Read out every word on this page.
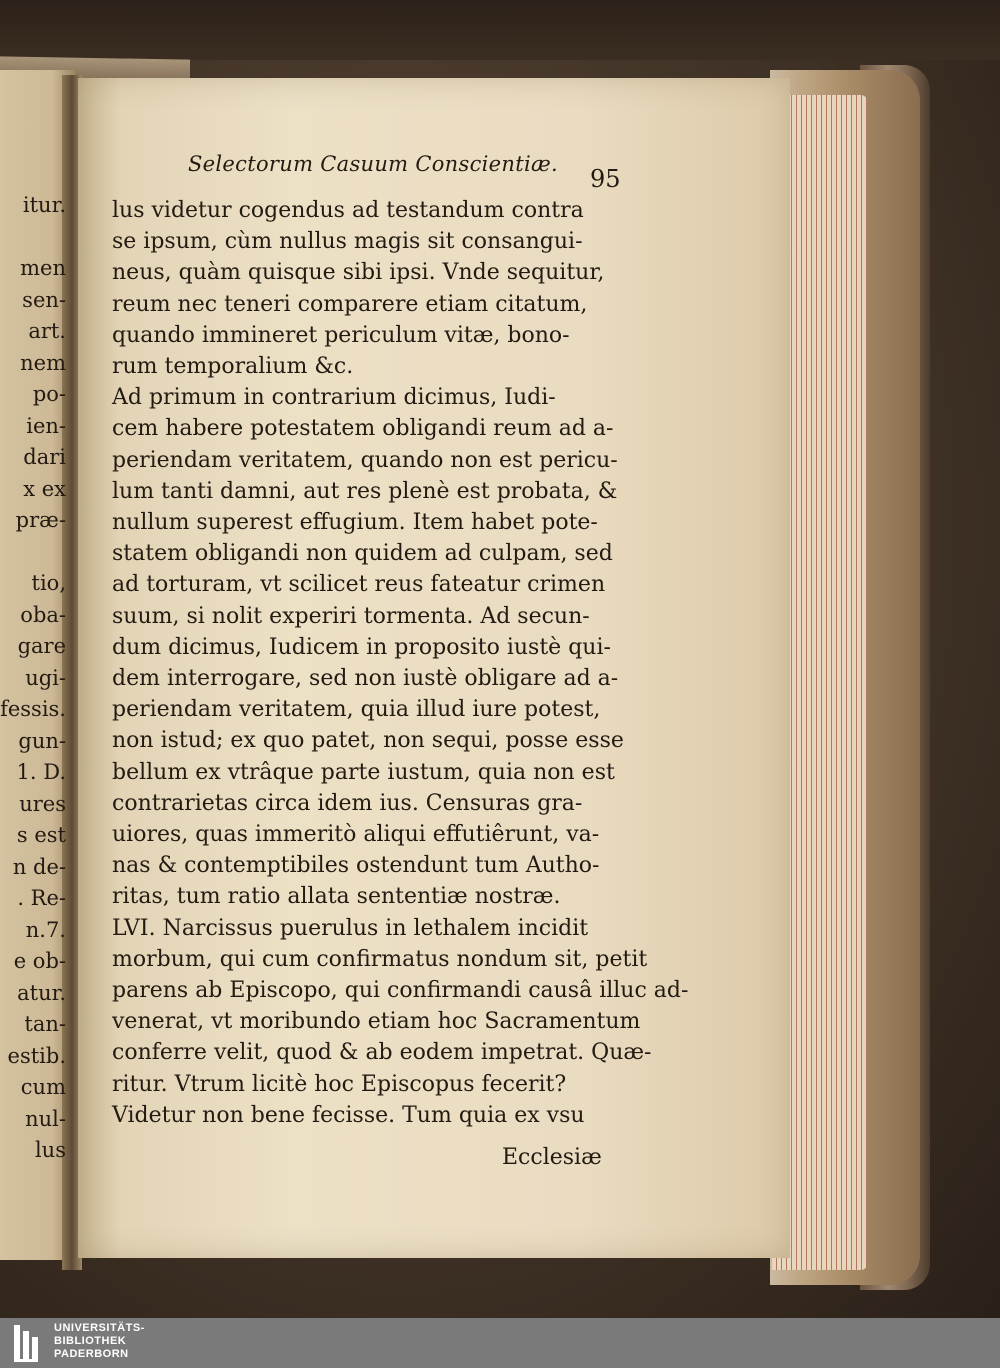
itur.

men
sen-
art.
nem
po-
ien-
dari
x ex
præ-

tio,
oba-
gare
ugi-
fessis.
gun-
1. D.
ures
s est
n de-
. Re-
n.7.
e ob-
atur.
tan-
estib.
cum
nul-
lus
Selectorum Casuum Conscientiæ.
95
lus videtur cogendus ad testandum contra
se ipsum, cùm nullus magis sit consangui-
neus, quàm quisque sibi ipsi. Vnde sequitur,
reum nec teneri comparere etiam citatum,
quando immineret periculum vitæ, bono-
rum temporalium &c.
Ad primum in contrarium dicimus, Iudi-
cem habere potestatem obligandi reum ad a-
periendam veritatem, quando non est pericu-
lum tanti damni, aut res plenè est probata, &
nullum superest effugium. Item habet pote-
statem obligandi non quidem ad culpam, sed
ad torturam, vt scilicet reus fateatur crimen
suum, si nolit experiri tormenta. Ad secun-
dum dicimus, Iudicem in proposito iustè qui-
dem interrogare, sed non iustè obligare ad a-
periendam veritatem, quia illud iure potest,
non istud; ex quo patet, non sequi, posse esse
bellum ex vtrâque parte iustum, quia non est
contrarietas circa idem ius. Censuras gra-
uiores, quas immeritò aliqui effutiêrunt, va-
nas & contemptibiles ostendunt tum Autho-
ritas, tum ratio allata sententiæ nostræ.
LVI. Narcissus puerulus in lethalem incidit
morbum, qui cum confirmatus nondum sit, petit
parens ab Episcopo, qui confirmandi causâ illuc ad-
venerat, vt moribundo etiam hoc Sacramentum
conferre velit, quod & ab eodem impetrat. Quæ-
ritur. Vtrum licitè hoc Episcopus fecerit?
Videtur non bene fecisse. Tum quia ex vsu
Ecclesiæ
UNIVERSITÄTS-
BIBLIOTHEK
PADERBORN
